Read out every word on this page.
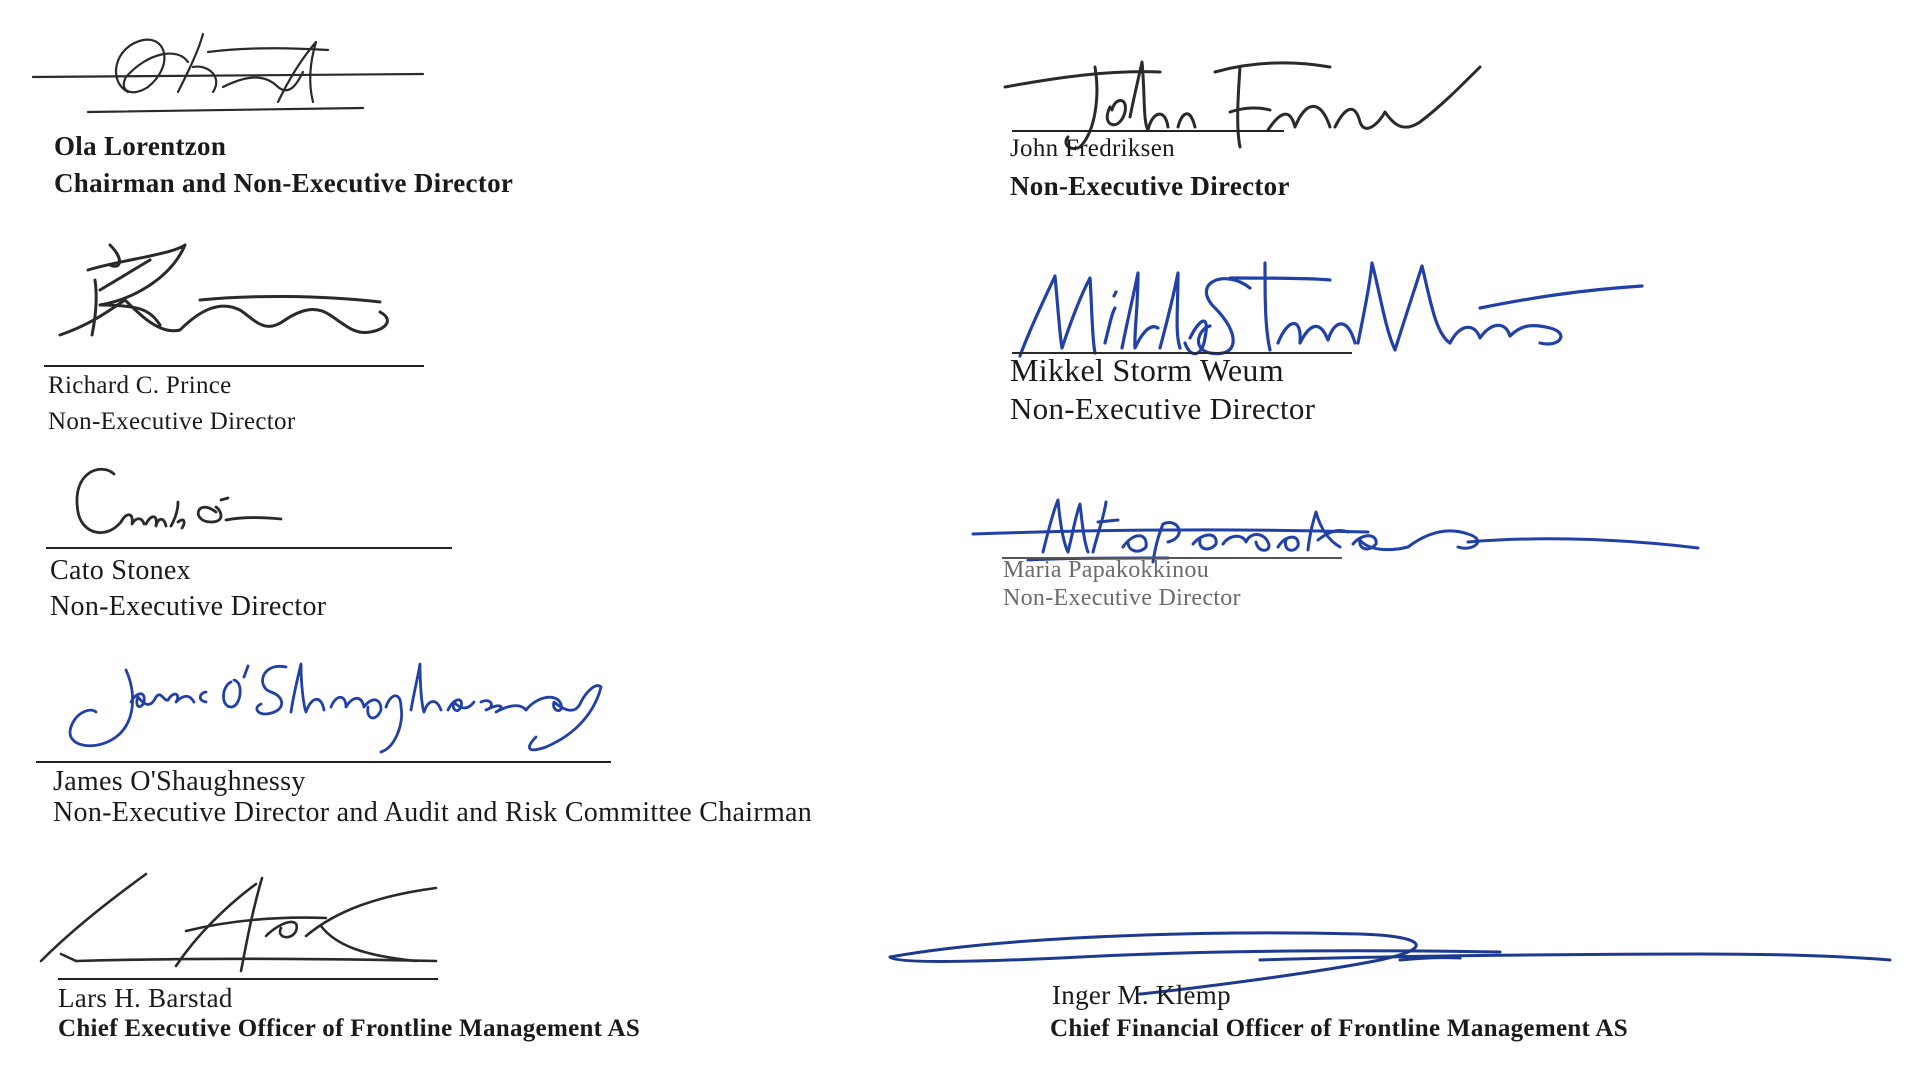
Ola Lorentzon
Chairman and Non-Executive Director
John Fredriksen
Non-Executive Director
Richard C. Prince
Non-Executive Director
Mikkel Storm Weum
Non-Executive Director
Cato Stonex
Non-Executive Director
Maria Papakokkinou
Non-Executive Director
James O'Shaughnessy
Non-Executive Director and Audit and Risk Committee Chairman
Lars H. Barstad
Chief Executive Officer of Frontline Management AS
Inger M. Klemp
Chief Financial Officer of Frontline Management AS
